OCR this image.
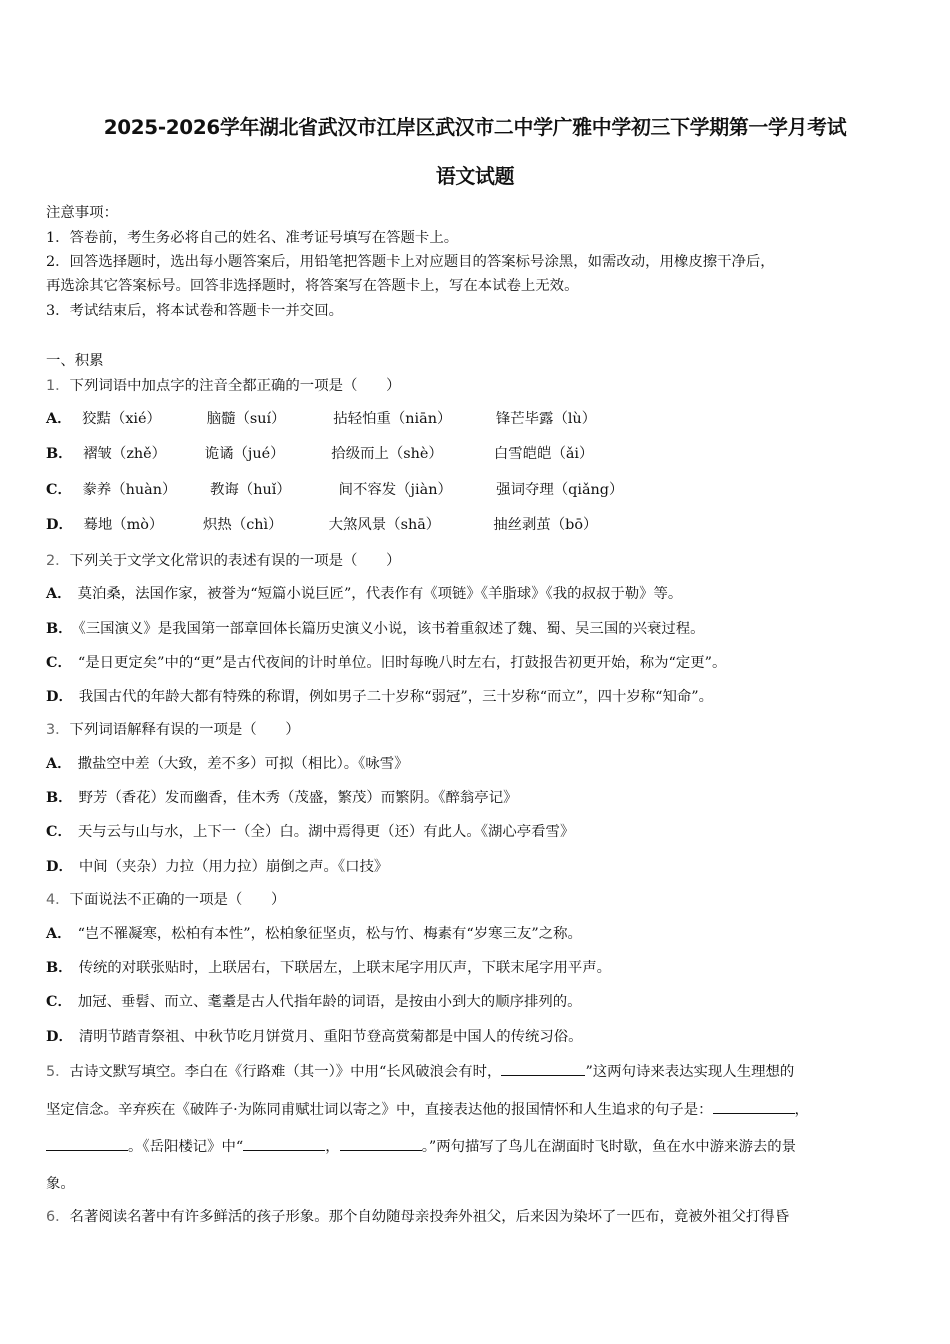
2025-2026学年湖北省武汉市江岸区武汉市二中学广雅中学初三下学期第一学月考试
语文试题
注意事项：
1．答卷前，考生务必将自己的姓名、准考证号填写在答题卡上。
2．回答选择题时，选出每小题答案后，用铅笔把答题卡上对应题目的答案标号涂黑，如需改动，用橡皮擦干净后，
再选涂其它答案标号。回答非选择题时，将答案写在答题卡上，写在本试卷上无效。
3．考试结束后，将本试卷和答题卡一并交回。
一、积累
1．下列词语中加点字的注音全都正确的一项是（　　）
A． 狡黠（xié）	脑髓（suí）	拈轻怕重（niān）	锋芒毕露（lù）
B． 褶皱（zhě）	诡谲（jué）	拾级而上（shè）	白雪皑皑（ǎi）
C． 豢养（huàn） 教诲（huǐ）	间不容发（jiàn）	强词夺理（qiǎng）
D． 蓦地（mò）	炽热（chì）	大煞风景（shā）	抽丝剥茧（bō）
2．下列关于文学文化常识的表述有误的一项是（　　）
A． 莫泊桑，法国作家，被誉为“短篇小说巨匠”，代表作有《项链》《羊脂球》《我的叔叔于勒》等。
B． 《三国演义》是我国第一部章回体长篇历史演义小说，该书着重叙述了魏、蜀、吴三国的兴衰过程。
C． “是日更定矣”中的“更”是古代夜间的计时单位。旧时每晚八时左右，打鼓报告初更开始，称为“定更”。
D． 我国古代的年龄大都有特殊的称谓，例如男子二十岁称“弱冠”，三十岁称“而立”，四十岁称“知命”。
3．下列词语解释有误的一项是（　　）
A． 撒盐空中差（大致，差不多）可拟（相比）。《咏雪》
B． 野芳（香花）发而幽香，佳木秀（茂盛，繁茂）而繁阴。《醉翁亭记》
C． 天与云与山与水，上下一（全）白。湖中焉得更（还）有此人。《湖心亭看雪》
D． 中间（夹杂）力拉（用力拉）崩倒之声。《口技》
4．下面说法不正确的一项是（　　）
A． “岂不罹凝寒，松柏有本性”，松柏象征坚贞，松与竹、梅素有“岁寒三友”之称。
B． 传统的对联张贴时，上联居右，下联居左，上联末尾字用仄声，下联末尾字用平声。
C． 加冠、垂髫、而立、耄耋是古人代指年龄的词语，是按由小到大的顺序排列的。
D． 清明节踏青祭祖、中秋节吃月饼赏月、重阳节登高赏菊都是中国人的传统习俗。
5．古诗文默写填空。李白在《行路难（其一）》中用“长风破浪会有时，	”这两句诗来表达实现人生理想的
坚定信念。辛弃疾在《破阵子·为陈同甫赋壮词以寄之》中，直接表达他的报国情怀和人生追求的句子是：	，
。《岳阳楼记》中“	，	。”两句描写了鸟儿在湖面时飞时歇，鱼在水中游来游去的景
象。
6．名著阅读名著中有许多鲜活的孩子形象。那个自幼随母亲投奔外祖父，后来因为染坏了一匹布，竟被外祖父打得昏
